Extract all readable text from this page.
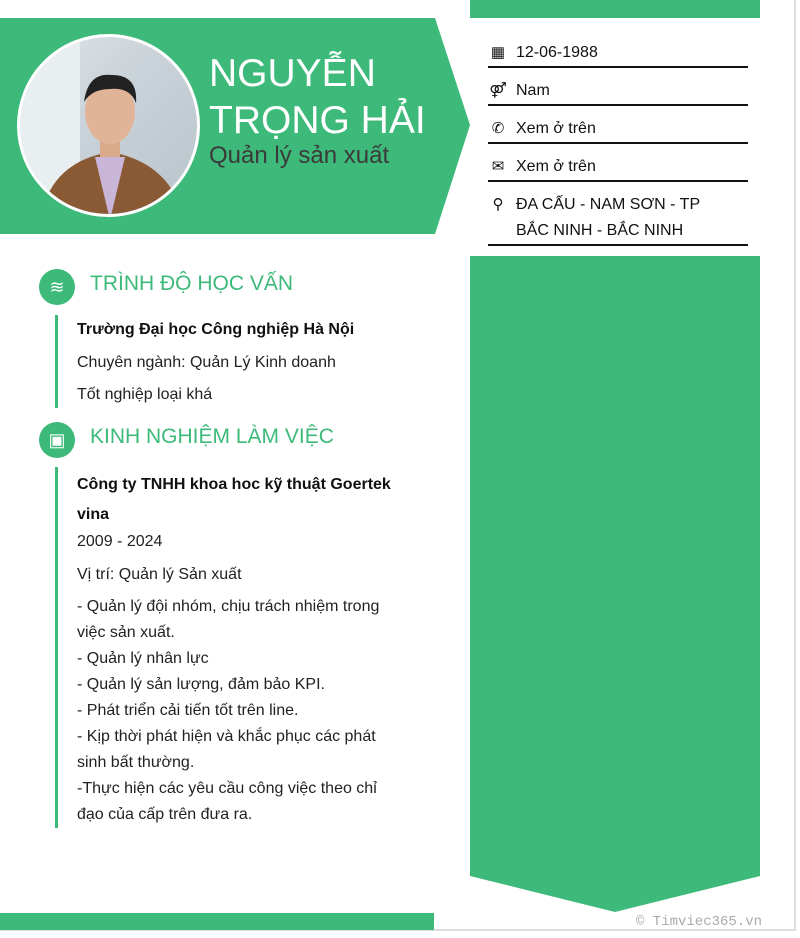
NGUYỄN
TRỌNG HẢI
Quản lý sản xuất
▦ 12-06-1988
⚤ Nam
✆ Xem ở trên
✉ Xem ở trên
⚲ ĐA CẤU - NAM SƠN - TP
BẮC NINH - BẮC NINH
≋	TRÌNH ĐỘ HỌC VẤN
Trường Đại học Công nghiệp Hà Nội
Chuyên ngành: Quản Lý Kinh doanh
Tốt nghiệp loại khá
▣	KINH NGHIỆM LÀM VIỆC
Công ty TNHH khoa hoc kỹ thuật Goertek vina
2009 - 2024
Vị trí: Quản lý Sản xuất
- Quản lý đội nhóm, chịu trách nhiệm trong việc sản xuất.
- Quản lý nhân lực
- Quản lý sản lượng, đảm bảo KPI.
- Phát triển cải tiến tốt trên line.
- Kịp thời phát hiện và khắc phục các phát sinh bất thường.
-Thực hiện các yêu cầu công việc theo chỉ đạo của cấp trên đưa ra.
© Timviec365.vn
